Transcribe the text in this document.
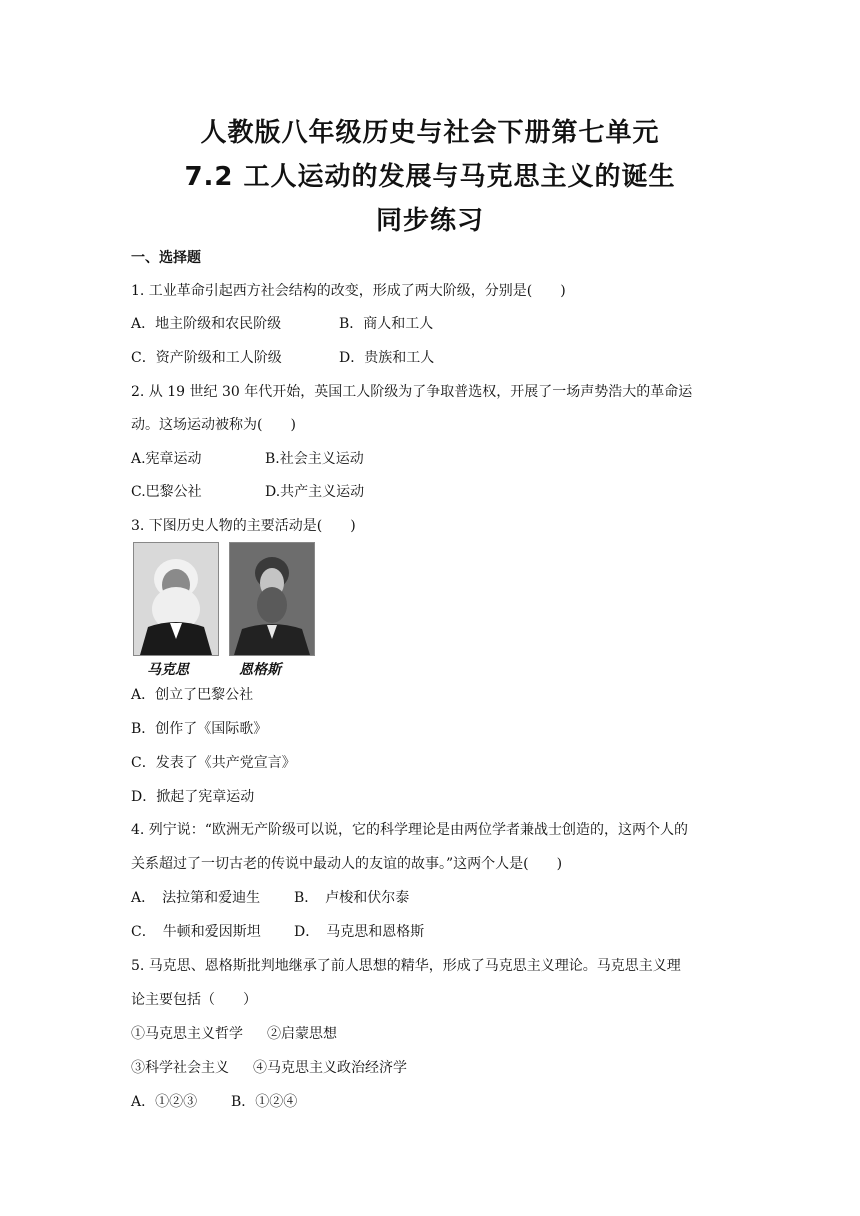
人教版八年级历史与社会下册第七单元
7.2 工人运动的发展与马克思主义的诞生
同步练习
一、选择题
1. 工业革命引起西方社会结构的改变，形成了两大阶级，分别是(　　)
A．地主阶级和农民阶级	B．商人和工人
C．资产阶级和工人阶级	D．贵族和工人
2. 从 19 世纪 30 年代开始，英国工人阶级为了争取普选权，开展了一场声势浩大的革命运
动。这场运动被称为(　　)
A.宪章运动	B.社会主义运动
C.巴黎公社	D.共产主义运动
3. 下图历史人物的主要活动是(　　)
马克思	恩格斯
A．创立了巴黎公社
B．创作了《国际歌》
C．发表了《共产党宣言》
D．掀起了宪章运动
4. 列宁说：“欧洲无产阶级可以说，它的科学理论是由两位学者兼战士创造的，这两个人的
关系超过了一切古老的传说中最动人的友谊的故事。”这两个人是(　　)
A．　法拉第和爱迪生 B．　卢梭和伏尔泰
C．　牛顿和爱因斯坦 D．　马克思和恩格斯
5. 马克思、恩格斯批判地继承了前人思想的精华，形成了马克思主义理论。马克思主义理
论主要包括（　　）
①马克思主义哲学 ②启蒙思想
③科学社会主义 ④马克思主义政治经济学
A．①②③ B．①②④
